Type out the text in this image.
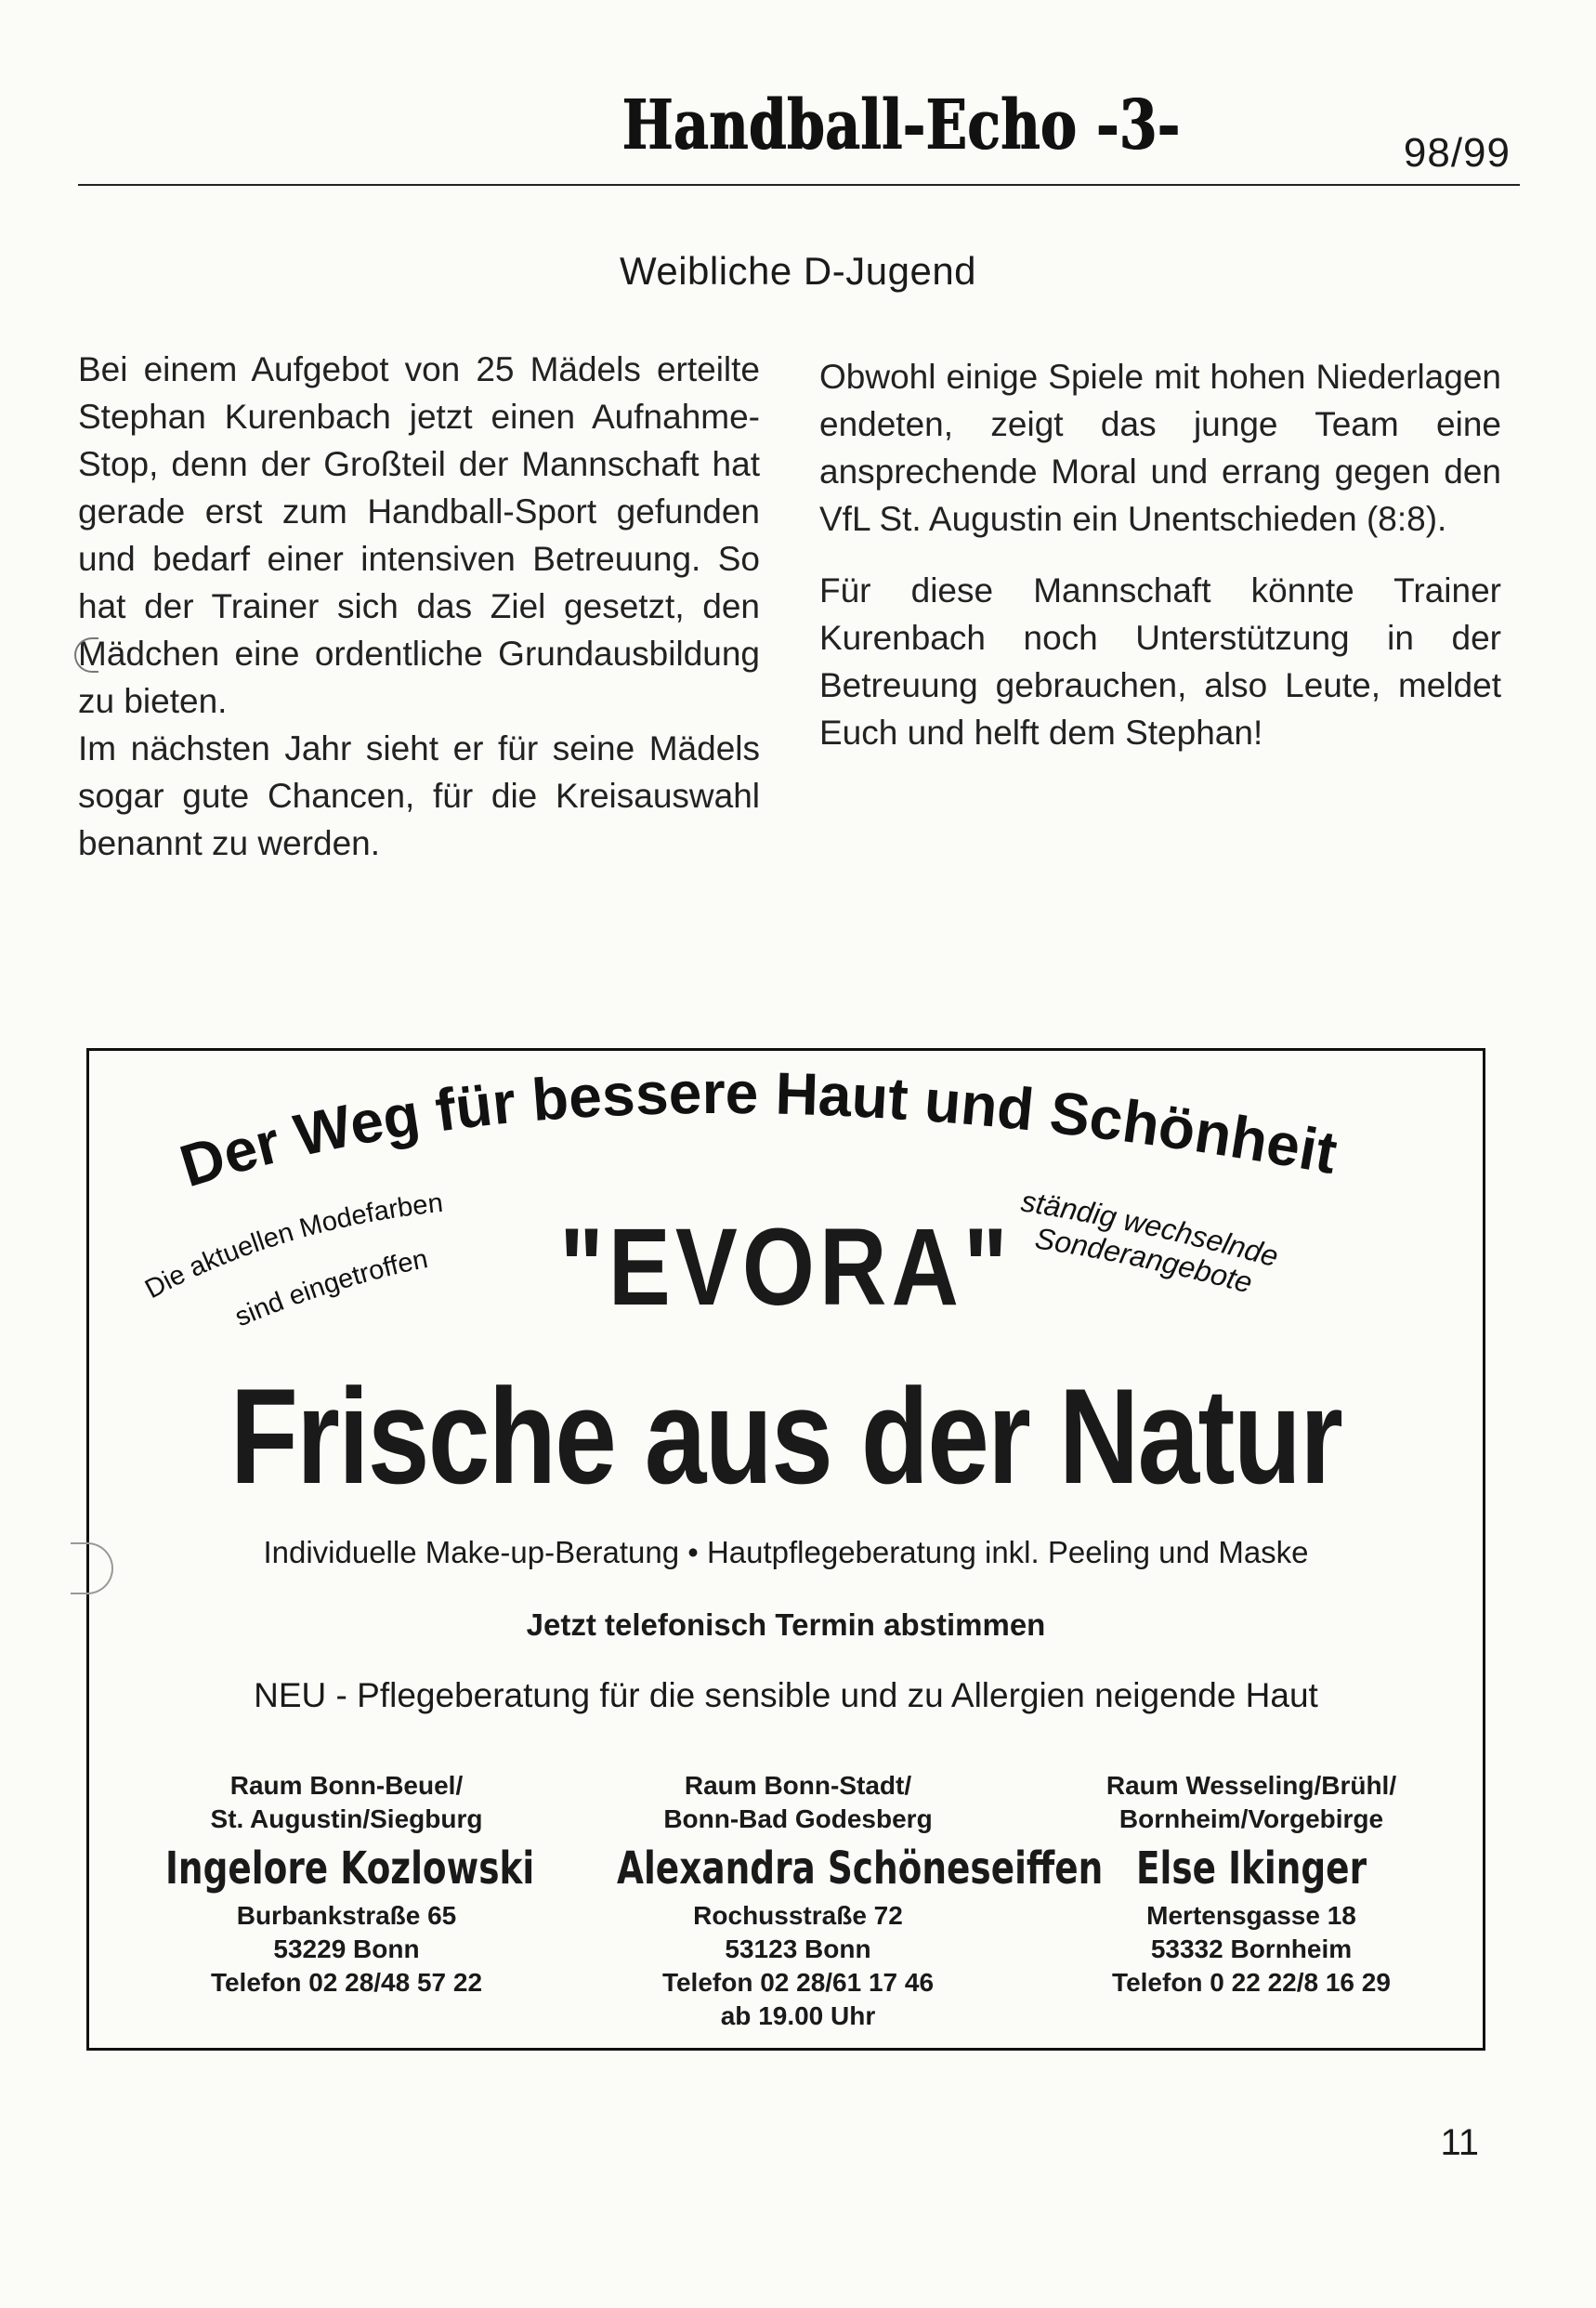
Handball-Echo -3-	98/99
Weibliche D-Jugend

Bei einem Aufgebot von 25 Mädels erteilte Stephan Kurenbach jetzt einen Aufnahme-Stop, denn der Großteil der Mannschaft hat gerade erst zum Handball-Sport gefunden und bedarf einer intensiven Betreuung. So hat der Trainer sich das Ziel gesetzt, den Mädchen eine ordentliche Grundausbildung zu bieten.

Im nächsten Jahr sieht er für seine Mädels sogar gute Chancen, für die Kreisauswahl benannt zu werden.

Obwohl einige Spiele mit hohen Niederlagen endeten, zeigt das junge Team eine ansprechende Moral und errang gegen den VfL St. Augustin ein Unentschieden (8:8).

Für diese Mannschaft könnte Trainer Kurenbach noch Unterstützung in der Betreuung gebrauchen, also Leute, meldet Euch und helft dem Stephan!

Der Weg für bessere Haut und Schönheit
Die aktuellen Modefarben
sind eingetroffen
ständig wechselnde
Sonderangebote
"EVORA"
Frische aus der Natur
Individuelle Make-up-Beratung • Hautpflegeberatung inkl. Peeling und Maske
Jetzt telefonisch Termin abstimmen
NEU - Pflegeberatung für die sensible und zu Allergien neigende Haut
Raum Bonn-Beuel/
St. Augustin/Siegburg
Ingelore Kozlowski
Burbankstraße 65
53229 Bonn
Telefon 02 28/48 57 22
Raum Bonn-Stadt/
Bonn-Bad Godesberg
Alexandra Schöneseiffen
Rochusstraße 72
53123 Bonn
Telefon 02 28/61 17 46
ab 19.00 Uhr
Raum Wesseling/Brühl/
Bornheim/Vorgebirge
Else Ikinger
Mertensgasse 18
53332 Bornheim
Telefon 0 22 22/8 16 29
11
